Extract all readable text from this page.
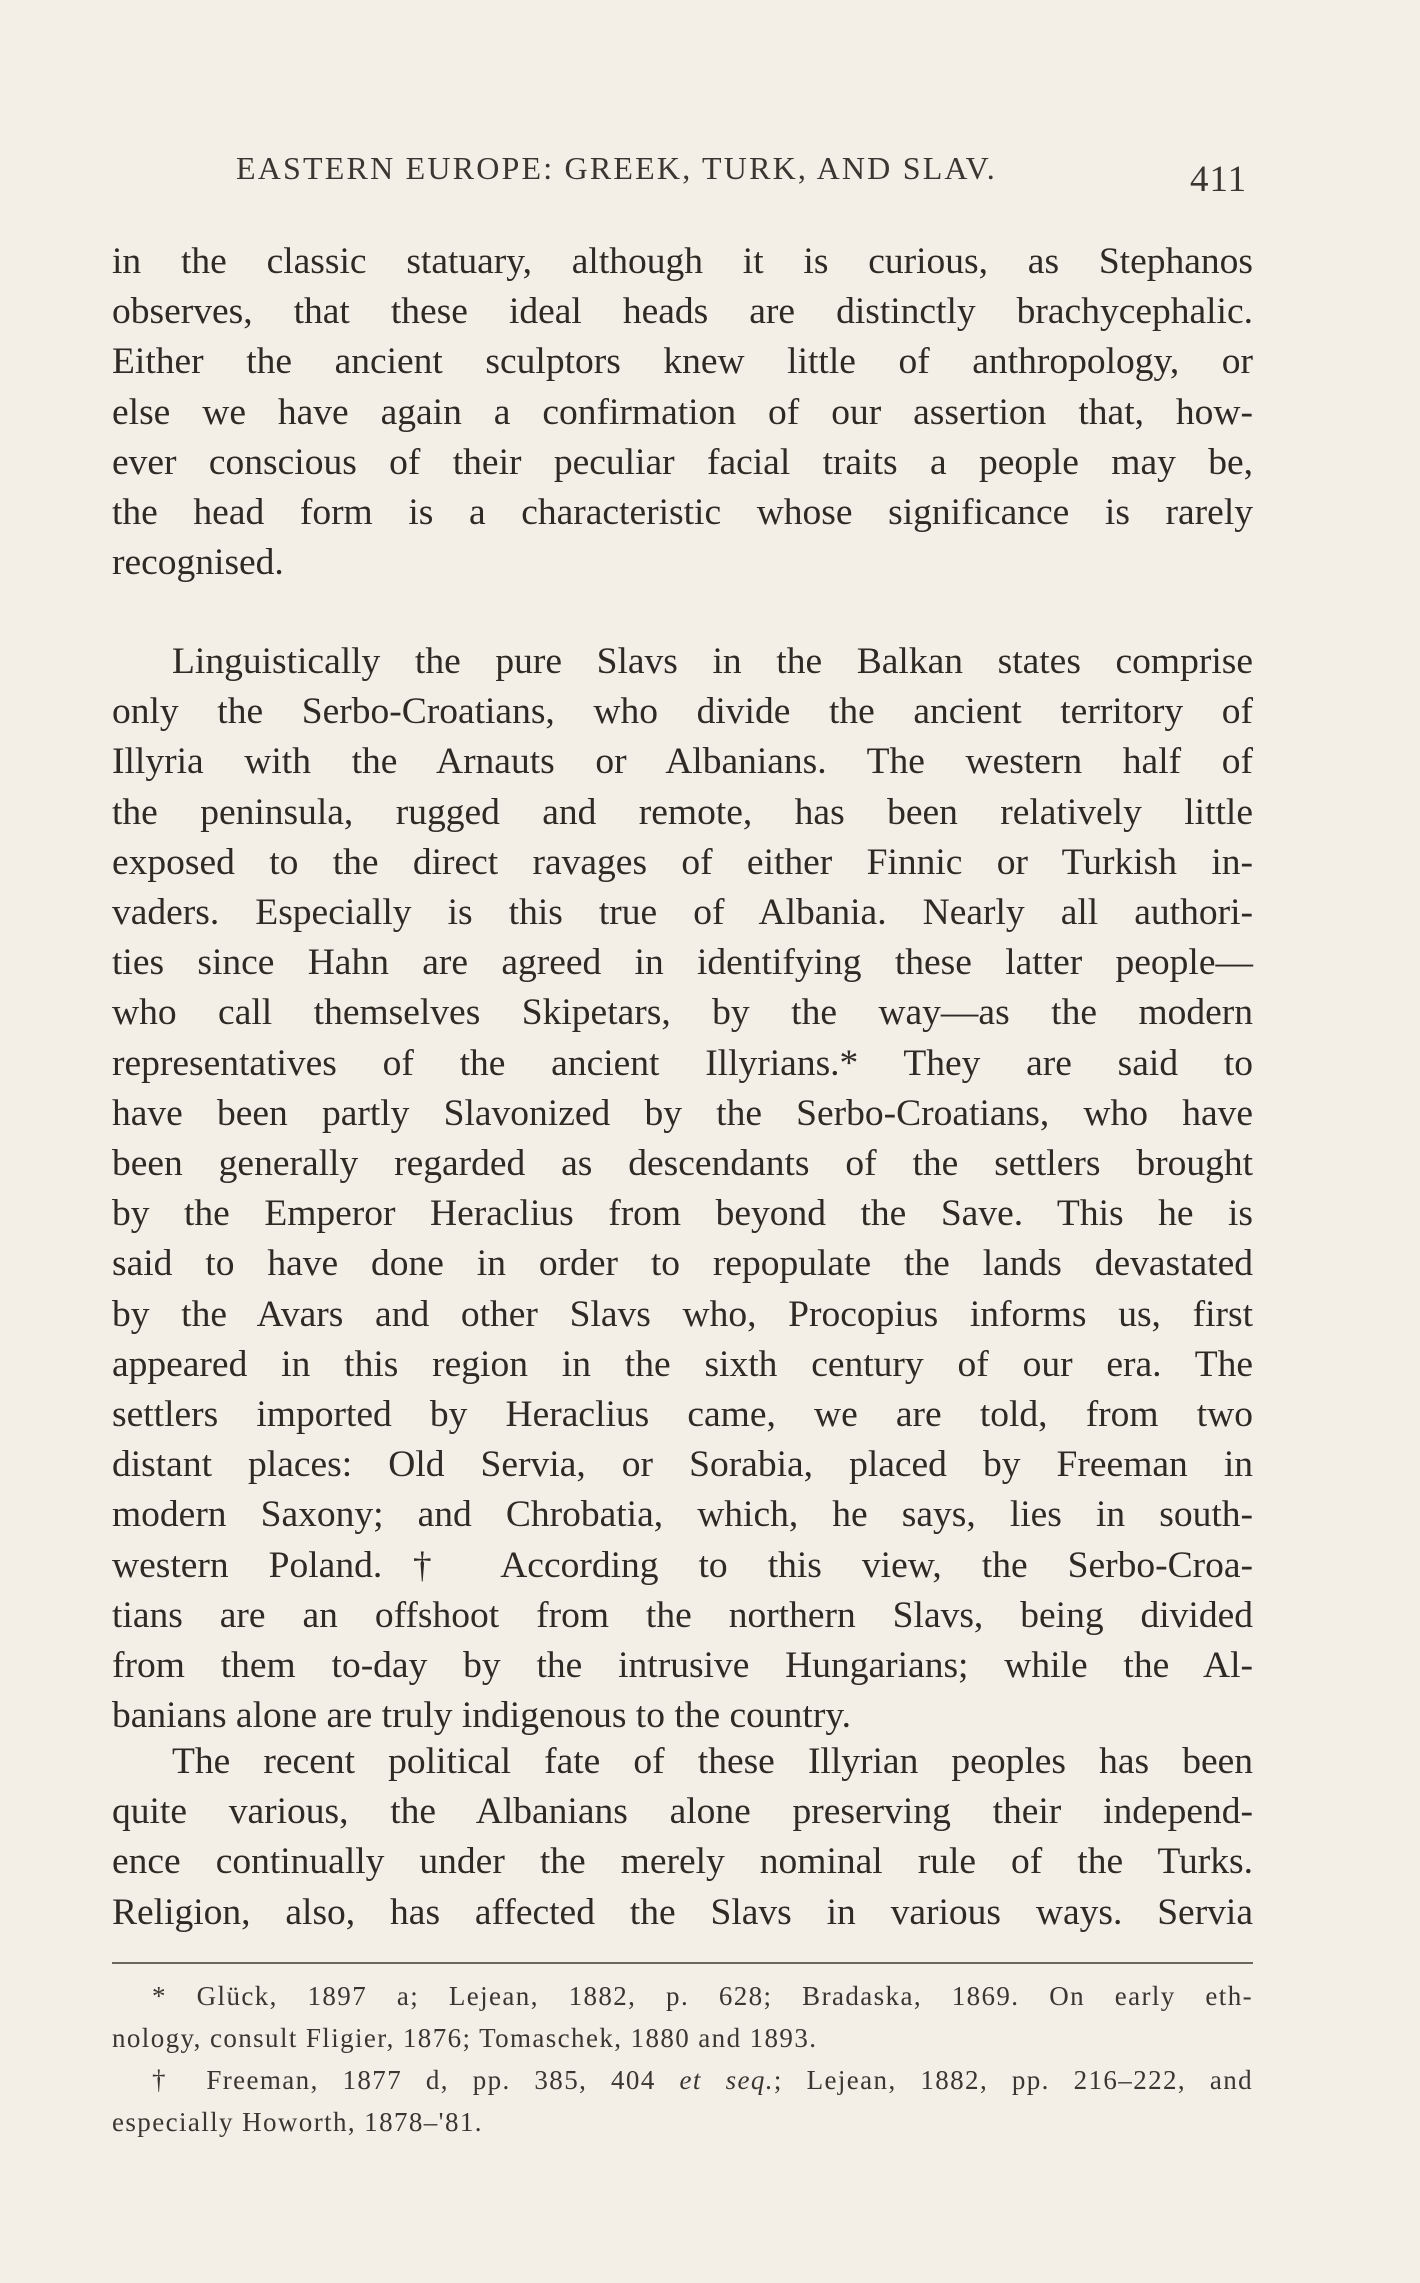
EASTERN EUROPE: GREEK, TURK, AND SLAV.	411
in the classic statuary, although it is curious, as Stephanos
observes, that these ideal heads are distinctly brachycephalic.
Either the ancient sculptors knew little of anthropology, or
else we have again a confirmation of our assertion that, how-
ever conscious of their peculiar facial traits a people may be,
the head form is a characteristic whose significance is rarely
recognised.
Linguistically the pure Slavs in the Balkan states comprise
only the Serbo-Croatians, who divide the ancient territory of
Illyria with the Arnauts or Albanians. The western half of
the peninsula, rugged and remote, has been relatively little
exposed to the direct ravages of either Finnic or Turkish in-
vaders. Especially is this true of Albania. Nearly all authori-
ties since Hahn are agreed in identifying these latter people—
who call themselves Skipetars, by the way—as the modern
representatives of the ancient Illyrians.* They are said to
have been partly Slavonized by the Serbo-Croatians, who have
been generally regarded as descendants of the settlers brought
by the Emperor Heraclius from beyond the Save. This he is
said to have done in order to repopulate the lands devastated
by the Avars and other Slavs who, Procopius informs us, first
appeared in this region in the sixth century of our era. The
settlers imported by Heraclius came, we are told, from two
distant places: Old Servia, or Sorabia, placed by Freeman in
modern Saxony; and Chrobatia, which, he says, lies in south-
western Poland.† According to this view, the Serbo-Croa-
tians are an offshoot from the northern Slavs, being divided
from them to-day by the intrusive Hungarians; while the Al-
banians alone are truly indigenous to the country.
The recent political fate of these Illyrian peoples has been
quite various, the Albanians alone preserving their independ-
ence continually under the merely nominal rule of the Turks.
Religion, also, has affected the Slavs in various ways. Servia
* Glück, 1897 a; Lejean, 1882, p. 628; Bradaska, 1869. On early eth-
nology, consult Fligier, 1876; Tomaschek, 1880 and 1893.
† Freeman, 1877 d, pp. 385, 404 et seq.; Lejean, 1882, pp. 216–222, and
especially Howorth, 1878–'81.
